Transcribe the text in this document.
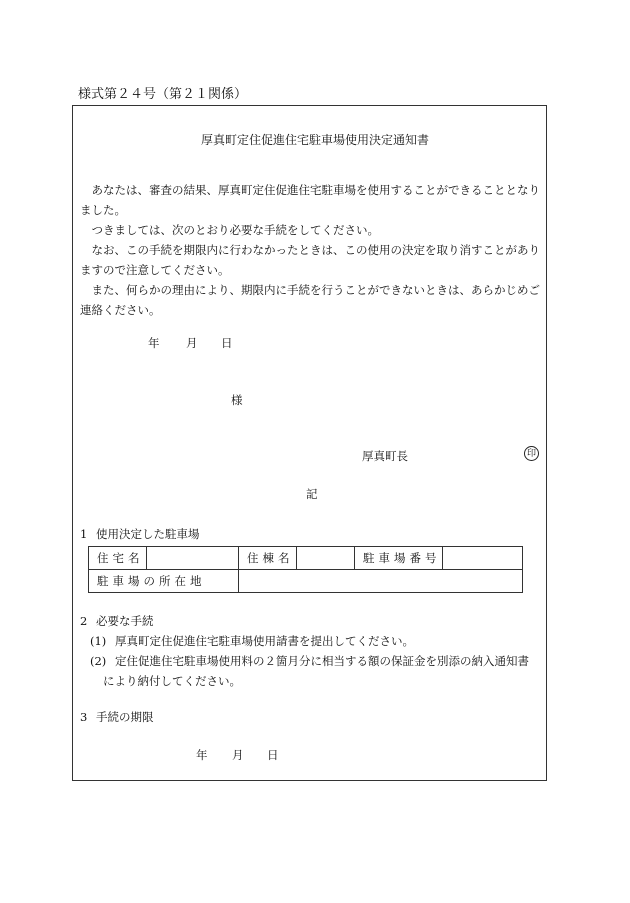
様式第２４号（第２１関係）
厚真町定住促進住宅駐車場使用決定通知書
あなたは、審査の結果、厚真町定住促進住宅駐車場を使用することができることとなりました。
つきましては、次のとおり必要な手続をしてください。
なお、この手続を期限内に行わなかったときは、この使用の決定を取り消すことがありますので注意してください。
また、何らかの理由により、期限内に手続を行うことができないときは、あらかじめご連絡ください。
年 月 日
様
厚真町長	印
記
1 使用決定した駐車場
住宅名		住棟名		駐車場番号	
駐車場の所在地					
2 必要な手続
(1) 厚真町定住促進住宅駐車場使用請書を提出してください。
(2) 定住促進住宅駐車場使用料の２箇月分に相当する額の保証金を別添の納入通知書
により納付してください。
3 手続の期限
年 月 日
